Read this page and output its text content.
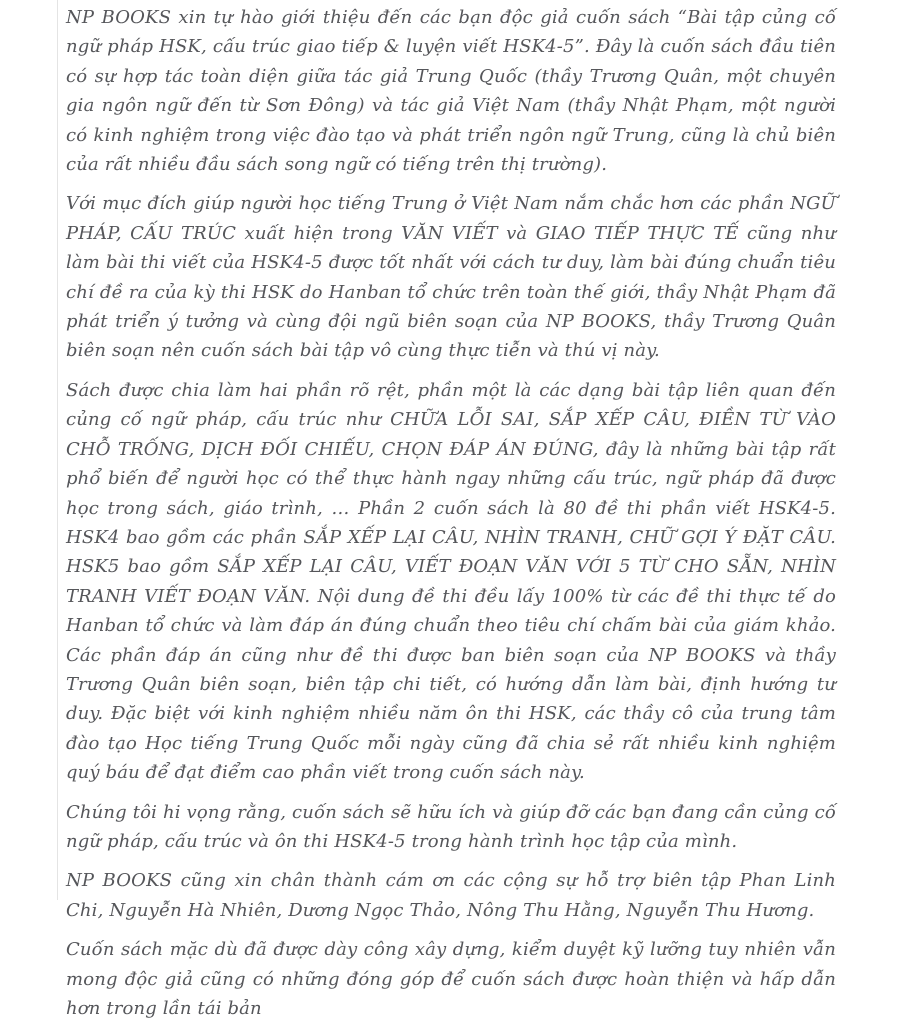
NP BOOKS xin tự hào giới thiệu đến các bạn độc giả cuốn sách “Bài tập củng cố ngữ pháp HSK, cấu trúc giao tiếp & luyện viết HSK4-5”. Đây là cuốn sách đầu tiên có sự hợp tác toàn diện giữa tác giả Trung Quốc (thầy Trương Quân, một chuyên gia ngôn ngữ đến từ Sơn Đông) và tác giả Việt Nam (thầy Nhật Phạm, một người có kinh nghiệm trong việc đào tạo và phát triển ngôn ngữ Trung, cũng là chủ biên của rất nhiều đầu sách song ngữ có tiếng trên thị trường).

Với mục đích giúp người học tiếng Trung ở Việt Nam nắm chắc hơn các phần NGỮ PHÁP, CẤU TRÚC xuất hiện trong VĂN VIẾT và GIAO TIẾP THỰC TẾ cũng như làm bài thi viết của HSK4-5 được tốt nhất với cách tư duy, làm bài đúng chuẩn tiêu chí đề ra của kỳ thi HSK do Hanban tổ chức trên toàn thế giới, thầy Nhật Phạm đã phát triển ý tưởng và cùng đội ngũ biên soạn của NP BOOKS, thầy Trương Quân biên soạn nên cuốn sách bài tập vô cùng thực tiễn và thú vị này.

Sách được chia làm hai phần rõ rệt, phần một là các dạng bài tập liên quan đến củng cố ngữ pháp, cấu trúc như CHỮA LỖI SAI, SẮP XẾP CÂU, ĐIỀN TỪ VÀO CHỖ TRỐNG, DỊCH ĐỐI CHIẾU, CHỌN ĐÁP ÁN ĐÚNG, đây là những bài tập rất phổ biến để người học có thể thực hành ngay những cấu trúc, ngữ pháp đã được học trong sách, giáo trình, … Phần 2 cuốn sách là 80 đề thi phần viết HSK4-5. HSK4 bao gồm các phần SẮP XẾP LẠI CÂU, NHÌN TRANH, CHỮ GỢI Ý ĐẶT CÂU. HSK5 bao gồm SẮP XẾP LẠI CÂU, VIẾT ĐOẠN VĂN VỚI 5 TỪ CHO SẴN, NHÌN TRANH VIẾT ĐOẠN VĂN. Nội dung đề thi đều lấy 100% từ các đề thi thực tế do Hanban tổ chức và làm đáp án đúng chuẩn theo tiêu chí chấm bài của giám khảo. Các phần đáp án cũng như đề thi được ban biên soạn của NP BOOKS và thầy Trương Quân biên soạn, biên tập chi tiết, có hướng dẫn làm bài, định hướng tư duy. Đặc biệt với kinh nghiệm nhiều năm ôn thi HSK, các thầy cô của trung tâm đào tạo Học tiếng Trung Quốc mỗi ngày cũng đã chia sẻ rất nhiều kinh nghiệm quý báu để đạt điểm cao phần viết trong cuốn sách này.

Chúng tôi hi vọng rằng, cuốn sách sẽ hữu ích và giúp đỡ các bạn đang cần củng cố ngữ pháp, cấu trúc và ôn thi HSK4-5 trong hành trình học tập của mình.

NP BOOKS cũng xin chân thành cám ơn các cộng sự hỗ trợ biên tập Phan Linh Chi, Nguyễn Hà Nhiên, Dương Ngọc Thảo, Nông Thu Hằng, Nguyễn Thu Hương.

Cuốn sách mặc dù đã được dày công xây dựng, kiểm duyệt kỹ lưỡng tuy nhiên vẫn mong độc giả cũng có những đóng góp để cuốn sách được hoàn thiện và hấp dẫn hơn trong lần tái bản
